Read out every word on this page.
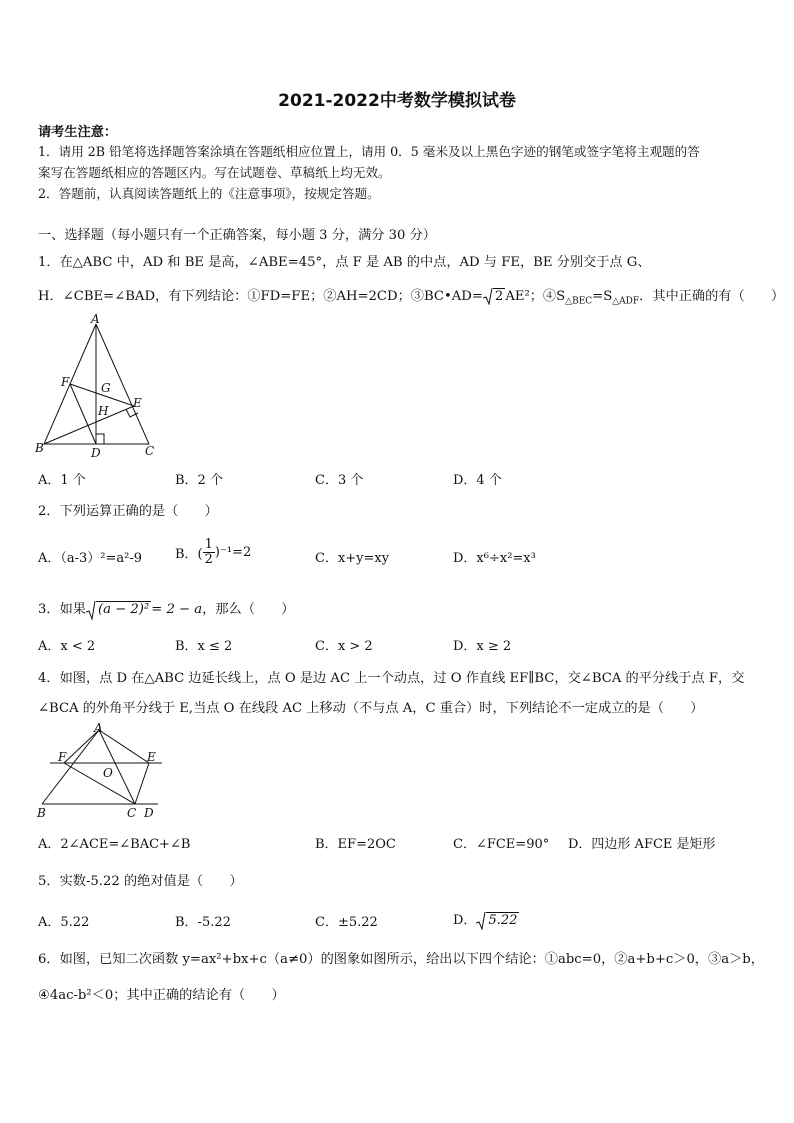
2021-2022中考数学模拟试卷
请考生注意：
1．请用 2B 铅笔将选择题答案涂填在答题纸相应位置上，请用 0．5 毫米及以上黑色字迹的钢笔或签字笔将主观题的答
案写在答题纸相应的答题区内。写在试题卷、草稿纸上均无效。
2．答题前，认真阅读答题纸上的《注意事项》，按规定答题。
一、选择题（每小题只有一个正确答案，每小题 3 分，满分 30 分）
1．在△ABC 中，AD 和 BE 是高，∠ABE=45°，点 F 是 AB 的中点，AD 与 FE，BE 分别交于点 G、
H．∠CBE=∠BAD，有下列结论：①FD=FE；②AH=2CD；③BC•AD= 2 AE²；$④S_{\triangle BEC}=S_{\triangle ADF}$．其中正确的有（　　）
A
B	C
D
E
F	G
H
A．1 个	B．2 个	C．3 个	D．4 个
2．下列运算正确的是（　　）
A．（a-3）²=a²-9	B．( $\frac{1}{2} )^{-1}=2$	C．x+y=xy	D．x⁶÷x²=x³
3．如果 (a − 2)² = 2 − a，那么（　　）
A．x < 2	B．x ≤ 2	C．x > 2	D．x ≥ 2
4．如图，点 D 在△ABC 边延长线上，点 O 是边 AC 上一个动点，过 O 作直线 EF∥BC，交∠BCA 的平分线于点 F，交
∠BCA 的外角平分线于 E,当点 O 在线段 AC 上移动（不与点 A，C 重合）时，下列结论不一定成立的是（　　）
A
B	C D
E
F
O
A．2∠ACE=∠BAC+∠B	B．EF=2OC	C．∠FCE=90° D．四边形 AFCE 是矩形
5．实数-5.22 的绝对值是（　　）
A．5.22	B．-5.22	C．±5.22	D． 5.22
6．如图，已知二次函数 y=ax²+bx+c（a≠0）的图象如图所示，给出以下四个结论：①abc=0，②a+b+c＞0，③a＞b，
④4ac-b²＜0；其中正确的结论有（　　）
